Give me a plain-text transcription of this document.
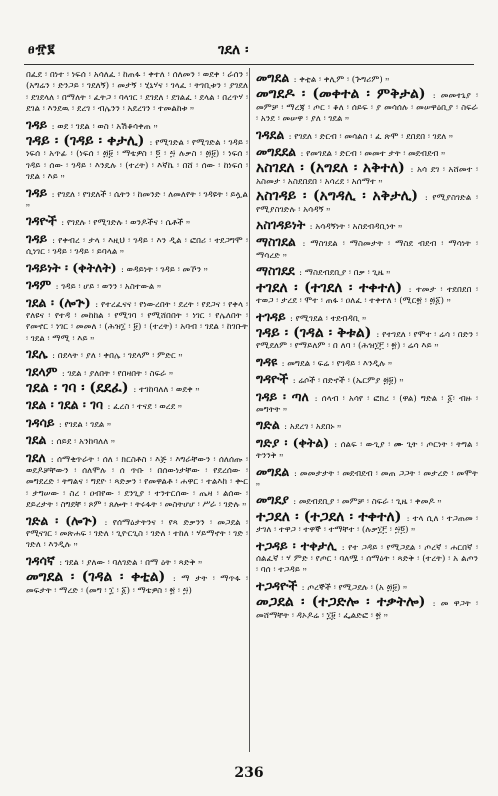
ፀ፹፪	ገደለ ፡
በፈደ ፡ በነተ ፡ ነፍሰ ፡ አሳለፈ ፡ ከጠፋ ፡ ቀተለ ፡ ሰለመን ፡ ወደቀ ፡ ራሰን ፡ (አግሬን ፡ ድንጋይ ፡ ገደለኝ) ፡ መታኝ ፡ ሂኒሃና ፡ ገላፈ ፡ ትገቢቱን ፡ ያገደለ ፡ ደገደላለ ፡ በማለት ፡ ፈትጋ ፡ ባላገር ፡ ደገደለ ፡ ደገልፈ ፡ ደላል ፡ በረጥሃ ፡ ደገል ፡ እንደዉ ፡ ደረገ ፡ ብሌንን ፡ አደረገን ፡ ተመልከቱ ።
ገዳይ : ወደ ፡ ገደል ፡ ወስ ፡ አሽቆሳቀጠ ።
ገዳይ ፡ (ገዳይ ፡ ቀታሊ) : የሚገድል ፡ የሚገድል ፡ ገዳይ ፡ ነፍሰ ፡ አጥፊ ፡ (ነፍሰ ፡ ፴፱ ፡ ማቴዎስ ፡ ፬ ፡ ፵ ሉቃስ ፡ ፴፱) ፡ ነፍሰ ፡ ገዳይ ፡ ሰው ፡ ገዳይ ፡ እንዴሉ ፡ (ተረት) ፡ እኛኬ ፡ በሸ ፡ ሰው ፡ ከነፍሰ ፡ ገደል ፡ እይ ።
ገዳይ : የገደለ ፡ የገደለች ፡ ሴትን ፡ ከመንድ ፡ ለመለየት ፡ ገዳዩት ፡ ይሏል ።
ገዳዮች : የገደሉ ፡ የሚገድሉ ፡ ወንዶችና ፡ ሴቶች ።
ገዳይ : የቀብረ ፡ ታላ ፡ እዚህ ፡ ገዳይ ፡ እን ዲል ፡ ፎበሪ ፡ ተደጋግሞ ፡ ሲነገር ፡ ገዳይ ፡ ገዳይ ፡ ይባላል ።
ገዳይነት ፡ (ቀትለት) : ወዳይነት ፡ ገዳይ ፡ መኾን ።
ገዳም : ገዳይ ፡ ሆይ ፡ ወንን ፡ አስተውል ።
ገደል ፡ (ሎጕ) : የተረፈናና ፡ የነውረበት ፡ ደረት ፡ የደጋና ፡ የቀላ ፡ የለዩና ፡ የተዳ ፡ መከከል ፡ የሚገባ ፡ የሚሸበበት ፡ ነገር ፡ የሌለበት ፡ የመኖር ፡ ነገር ፡ መመለ ፡ (ሕዝ፲ ፡ ፱) ፡ (ተረት) ፡ አባብ ፡ ገደል ፡ ከገቡት ፡ ገደል ፡ ማሚ ፡ እይ ።
ገደሌ : በደላት ፡ ያለ ፡ ቀበሌ ፡ ገደላም ፡ ምድር ።
ገደላም : ገደል ፡ ያለበት ፡ የበዛበት ፡ ስፍራ ።
ገደል ፡ ገባ ፡ (ደደፈ) : ተገከባለለ ፡ ወደቀ ።
ገደል ፡ ገደል ፡ ገባ : ፈረስ ፡ ተናደ ፡ ወረደ ።
ገዳሳይ : የገደል ፡ ገደል ።
ገደል : ሰይደ ፡ አንከባለለ ።
ገደለ : ሰማቂጥራት ፡ ሰለ ፡ ክርስቶስ ፡ እጅ ፡ እግራቸውን ፡ ሰለሰጡ ፡ ወደዶቻቸውን ፡ ሰለሞሉ ፡ ሰ ጥቡ ፡ በሰውነታቸው ፡ የደረሰው ፡ መግደረድ ፡ ትግልና ፡ ግደዮ ፡ ጻድቃን ፡ የመዋልቶ ፡ ሐዋር ፡ ተልእከ ፡ ቍር ፡ ታግሠው ፡ ስረ ፡ ዐብየው ፡ ደንጊያ ፡ ተንተርሰው ፡ ጤዛ ፡ ልሰው ፡ ደይረታት ፡ ስግደቸ ፡ ጾም ፡ ጸሎት ፡ ትሩፋት ፡ መስትሆሆ ፡ ሥራ ፡ ገድሉ ።
ገድል ፡ (ሎጕ) : የሰማዕታትንና ፡ የጻ ድቃንን ፡ መጋደል ፡ የሚናገር ፡ መጽሐፍ ፡ ገድለ ፡ ጊዮርጊስ ፡ ገድለ ፡ ተከለ ፡ ሃይማኖት ፡ ገድ ፡ ገድለ ፡ እንዲሉ ።
ገዳሳኛ : ገደል ፡ ያለው ፡ ባለገድል ፡ በማ ዕት ፡ ጻድቅ ።
መግደል ፡ (ገዳል ፡ ቀቲል) : ማ ታት ፡ ማጥፋ ፡ መፍታት ፡ ማረድ ፡ (መግ ፡ ፲ ፡ ፩) ፡ ማቴዎስ ፡ ፳ ፡ ፵)
መግደል : ቀቲል ፡ ቀሊም ፡ (ጕግሪም) ።
መግደዶ ፡ (መቀተል ፡ ምቅታል) : መመተኒያ ፡ መምቻ ፡ ማረጃ ፡ ጦር ፡ ቆለ ፡ ሰይፍ ፡ ያ መሳሰሉ ፡ መሠዋዕቢያ ፡ ስፍራ ፡ አንደ ፡ መሠዋ ፡ ያለ ፡ ገደል ።
ገዳደል : የገደለ ፡ ድርብ ፡ መሳልስ ፡ ፈ ጽሞ ፡ ደበደበ ፡ ገደለ ።
መግደደል : የመገደል ፡ ድርብ ፡ መመተ ታት ፡ መደብደብ ።
አስገደለ ፡ (አግደለ ፡ አቅተለ) : አሳ ደገ ፡ አሸመተ ፡ አስመታ ፡ አስደበደበ ፡ አሳረደ ፡ አሰማተ ።
አስገዳይ ፡ (አግዳሊ ፡ አቅታሊ) : የሚያስገድል ፡ የሚያስገድሉ ፡ አሳዳኝ ።
አስገዳይነት : አሳዳኝነት ፡ አስደብዳቢነት ።
ማስገደል : ማስገደል ፡ ማስመታት ፡ ማስደ ብደብ ፡ ማሳነት ፡ ማሳረድ ።
ማስገደደ : ማስደብደቢያ ፡ በቃ ፡ ጊዜ ።
ተገደለ ፡ (ተገደለ ፡ ተቀተለ) : ተመታ ፡ ተደበደበ ፡ ተወጋ ፡ ታረደ ፡ ሞተ ፡ ጠፋ ፡ ዐለፈ ፡ ተቀተለ ፡ (ሚር፳ ፡ ፴፩) ።
ተገዳይ : የሚገደል ፡ ተደብዳቢ ።
ገዳይ ፡ (ገዳል ፡ ቅቱል) : የተገደለ ፡ የሞተ ፡ ሬሳ ፡ በድን ፡ የሚደለም ፡ የማይለም ፡ በ ለባ ፡ (ሕዝ፲፫ ፡ ፳) ፡ ሬሳ እይ ።
ግዳዩ : መግደል ፡ ፍሬ ፡ የገዳይ ፡ እንዲሉ ።
ግዳዮች : ሬሶች ፡ በድኖች ፡ (ኤርምያ ፴፱) ።
ገዳይ ፡ ጣለ : ሰላብ ፡ አሳየ ፡ ፎክረ ፡ (ዋል) ግድል ፡ ፩፡ ብዙ ፡ መግትት ።
ግድል : አደረገ ፡ አደበኑ ።
ግድያ ፡ (ቀትል) : ሰልፍ ፡ ውጊያ ፡ ሙ ጊት ፡ ጦርነት ፡ ትግል ፡ ትንንቅ ።
መግደል : መመታታት ፡ መደብደብ ፡ መጠ ጋጋት ፡ መታረድ ፡ መሞት ።
መግደያ : መደብደቢያ ፡ መምቻ ፡ ስፍራ ፡ ጊዜ ፡ ቀመዶ ።
ተጋደለ ፡ (ተጋደለ ፡ ተቀተለ) : ተላ ሲለ ፡ ተጋጠመ ፡ ታገለ ፡ ተዋጋ ፡ ተዋኞ ፡ ተማቸተ ፡ (ሉቃ፲፫ ፡ ፵፬) ።
ተጋዳይ ፡ ተቀታሊ : የተ ጋዳይ ፡ የሚጋደል ፡ ጦረኛ ፡ ሐርበኛ ፡ ሰልፈኛ ፡ ሃ ምድ ፡ የጦር ፡ ባለሟ ፡ ሰማዕት ፡ ጻድቅ ፡ (ተረት) ፡ አ ልጦን ፡ ባሰ ፡ ተጋዳይ ።
ተጋዳዮች : ጦረኞች ፡ የሚጋደሉ ፡ (አ ፴፱) ።
መጋደል ፡ (ተጋድሎ ፡ ተቃትሎ) : መ ዋጋት ፡ መሸማቸት ፡ ዳኦዶሬ ፡ ፲፱ ፡ ፌልድፎ ፡ ፳ ።
236
